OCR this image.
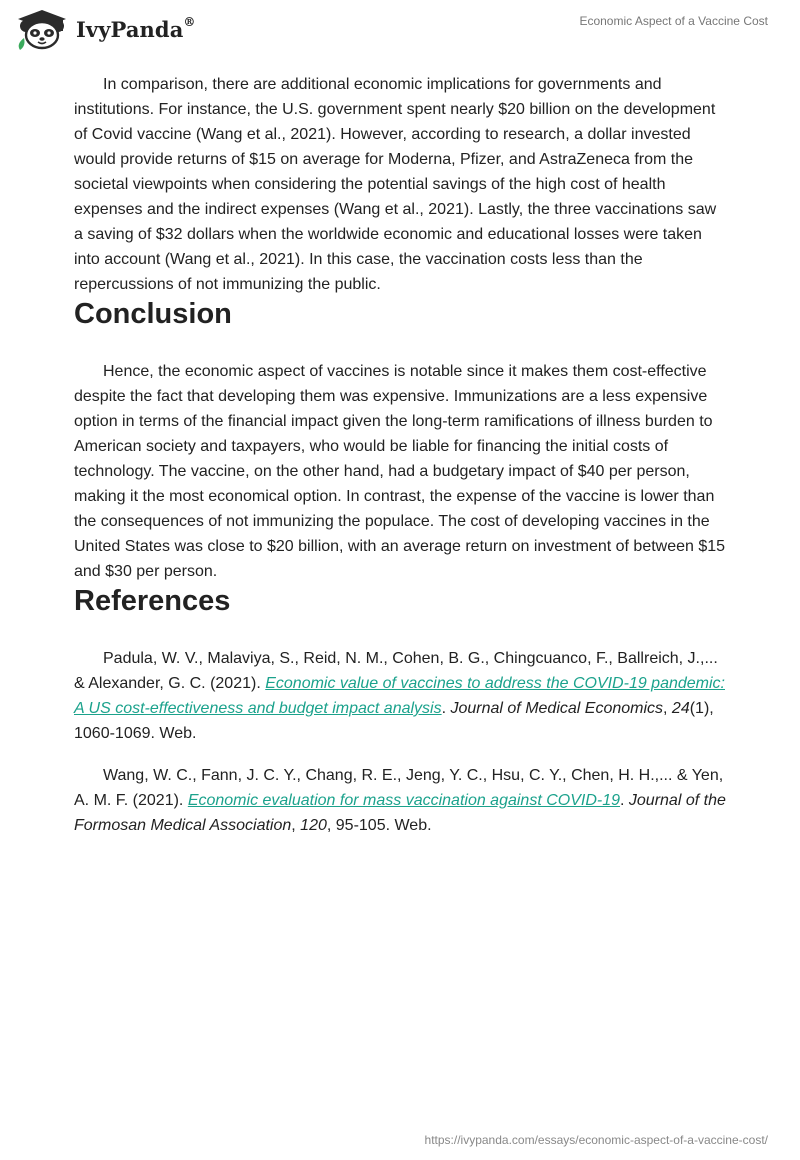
IvyPanda®	Economic Aspect of a Vaccine Cost

In comparison, there are additional economic implications for governments and institutions. For instance, the U.S. government spent nearly $20 billion on the development of Covid vaccine (Wang et al., 2021). However, according to research, a dollar invested would provide returns of $15 on average for Moderna, Pfizer, and AstraZeneca from the societal viewpoints when considering the potential savings of the high cost of health expenses and the indirect expenses (Wang et al., 2021). Lastly, the three vaccinations saw a saving of $32 dollars when the worldwide economic and educational losses were taken into account (Wang et al., 2021). In this case, the vaccination costs less than the repercussions of not immunizing the public.

Conclusion

Hence, the economic aspect of vaccines is notable since it makes them cost-effective despite the fact that developing them was expensive. Immunizations are a less expensive option in terms of the financial impact given the long-term ramifications of illness burden to American society and taxpayers, who would be liable for financing the initial costs of technology. The vaccine, on the other hand, had a budgetary impact of $40 per person, making it the most economical option. In contrast, the expense of the vaccine is lower than the consequences of not immunizing the populace. The cost of developing vaccines in the United States was close to $20 billion, with an average return on investment of between $15 and $30 per person.

References

Padula, W. V., Malaviya, S., Reid, N. M., Cohen, B. G., Chingcuanco, F., Ballreich, J.,... & Alexander, G. C. (2021). Economic value of vaccines to address the COVID-19 pandemic: A US cost-effectiveness and budget impact analysis. Journal of Medical Economics, 24(1), 1060-1069. Web.

Wang, W. C., Fann, J. C. Y., Chang, R. E., Jeng, Y. C., Hsu, C. Y., Chen, H. H.,... & Yen, A. M. F. (2021). Economic evaluation for mass vaccination against COVID-19. Journal of the Formosan Medical Association, 120, 95-105. Web.

https://ivypanda.com/essays/economic-aspect-of-a-vaccine-cost/
